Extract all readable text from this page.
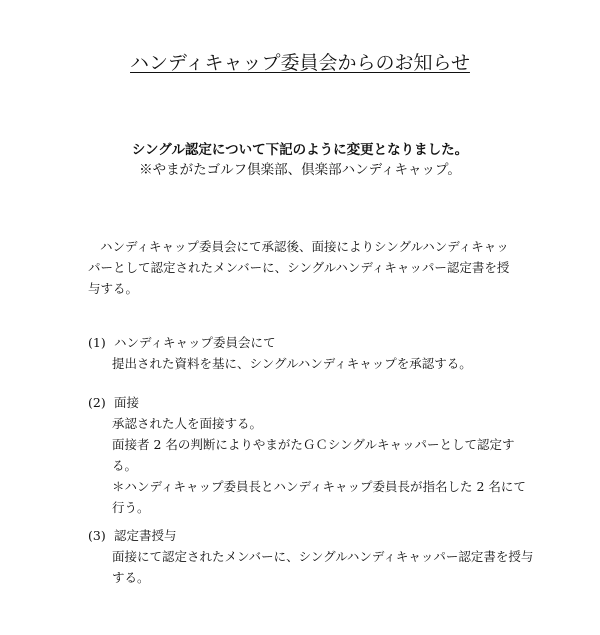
ハンディキャップ委員会からのお知らせ
シングル認定について下記のように変更となりました。
※やまがたゴルフ倶楽部、倶楽部ハンディキャップ。
ハンディキャップ委員会にて承認後、面接によりシングルハンディキャッパーとして認定されたメンバーに、シングルハンディキャッパー認定書を授与する。
(1) ハンディキャップ委員会にて
提出された資料を基に、シングルハンディキャップを承認する。
(2) 面接
承認された人を面接する。
面接者 2 名の判断によりやまがたＧＣシングルキャッパーとして認定する。
＊ハンディキャップ委員長とハンディキャップ委員長が指名した 2 名にて行う。
(3) 認定書授与
面接にて認定されたメンバーに、シングルハンディキャッパー認定書を授与する。
